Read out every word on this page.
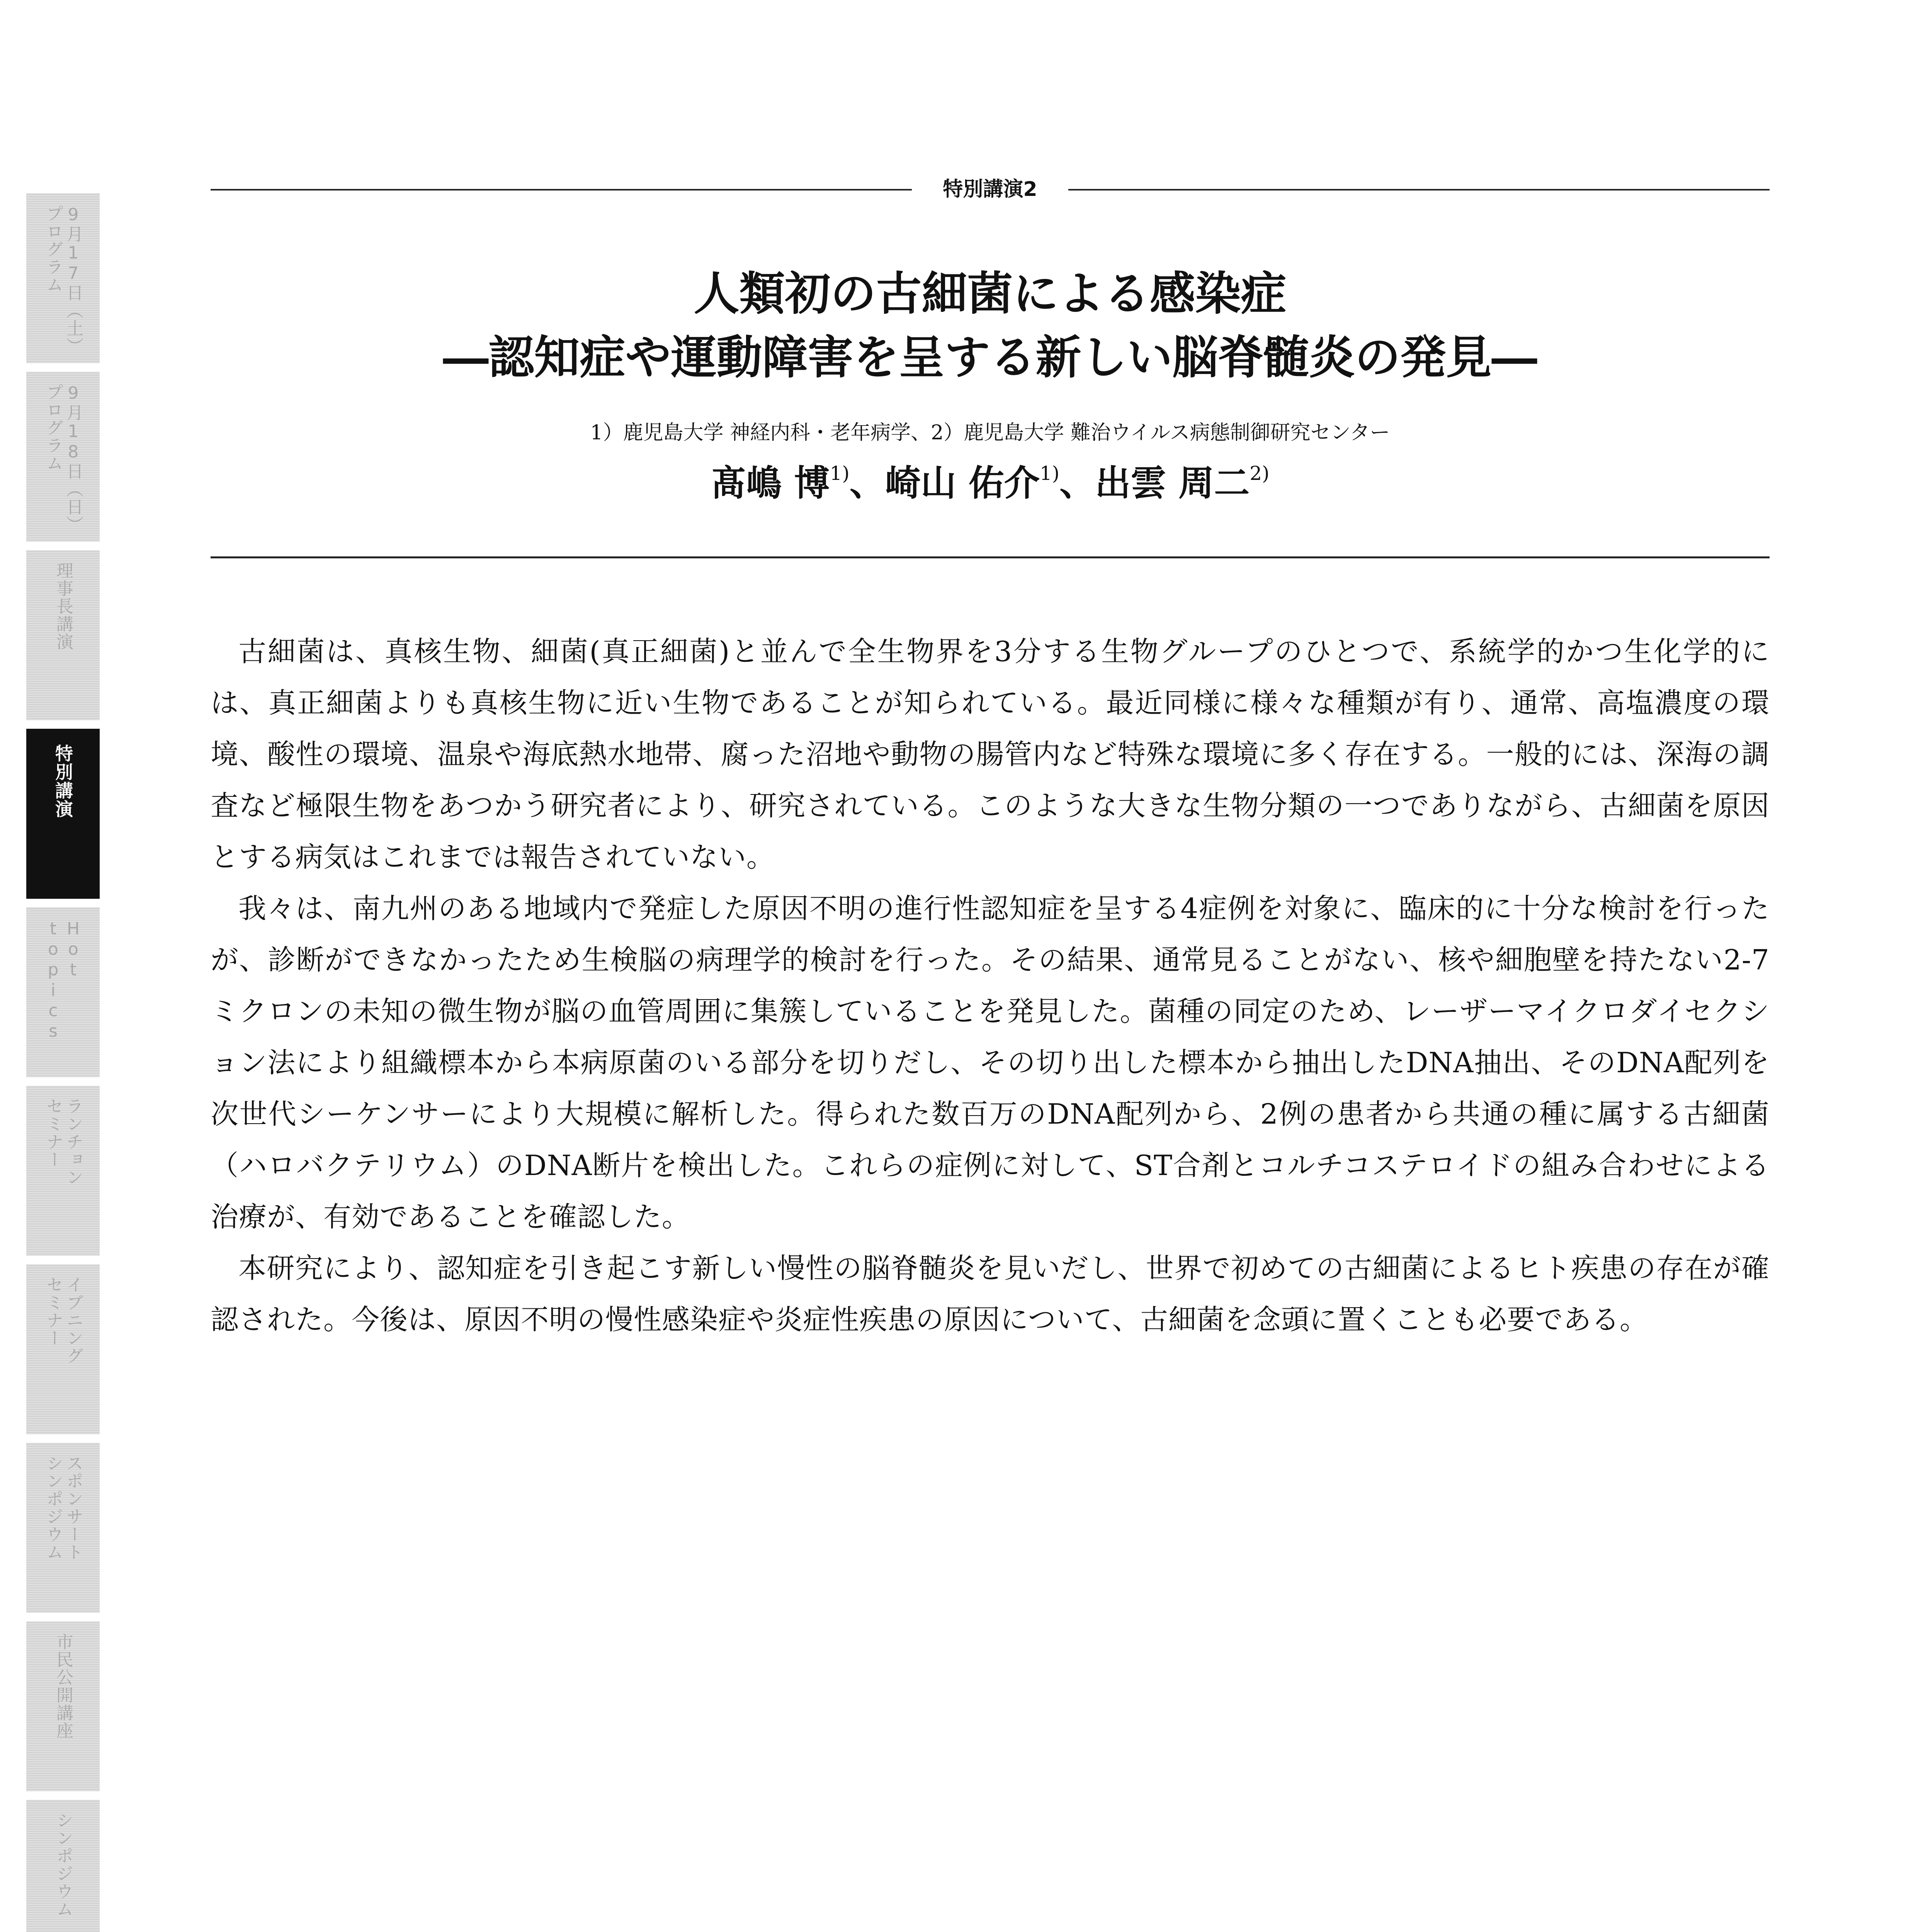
9月17日（土）
プログラム
9月18日（日）
プログラム
理事長講演
特別講演
Hot
topics
ランチョン
セミナー
イブニング
セミナー
スポンサート
シンポジウム
市民公開講座
シンポジウム
特別講演2
人類初の古細菌による感染症
―認知症や運動障害を呈する新しい脳脊髄炎の発見―
1）鹿児島大学 神経内科・老年病学、2）鹿児島大学 難治ウイルス病態制御研究センター
髙嶋 博$^{1)}$、崎山 佑介$^{1)}$、出雲 周二$^{2)}$

古細菌は、真核生物、細菌(真正細菌)と並んで全生物界を3分する生物グループのひとつで、系統学的かつ生化学的には、真正細菌よりも真核生物に近い生物であることが知られている。最近同様に様々な種類が有り、通常、高塩濃度の環境、酸性の環境、温泉や海底熱水地帯、腐った沼地や動物の腸管内など特殊な環境に多く存在する。一般的には、深海の調査など極限生物をあつかう研究者により、研究されている。このような大きな生物分類の一つでありながら、古細菌を原因とする病気はこれまでは報告されていない。

我々は、南九州のある地域内で発症した原因不明の進行性認知症を呈する4症例を対象に、臨床的に十分な検討を行ったが、診断ができなかったため生検脳の病理学的検討を行った。その結果、通常見ることがない、核や細胞壁を持たない2-7ミクロンの未知の微生物が脳の血管周囲に集簇していることを発見した。菌種の同定のため、レーザーマイクロダイセクション法により組織標本から本病原菌のいる部分を切りだし、その切り出した標本から抽出したDNA抽出、そのDNA配列を次世代シーケンサーにより大規模に解析した。得られた数百万のDNA配列から、2例の患者から共通の種に属する古細菌（ハロバクテリウム）のDNA断片を検出した。これらの症例に対して、ST合剤とコルチコステロイドの組み合わせによる治療が、有効であることを確認した。

本研究により、認知症を引き起こす新しい慢性の脳脊髄炎を見いだし、世界で初めての古細菌によるヒト疾患の存在が確認された。今後は、原因不明の慢性感染症や炎症性疾患の原因について、古細菌を念頭に置くことも必要である。
